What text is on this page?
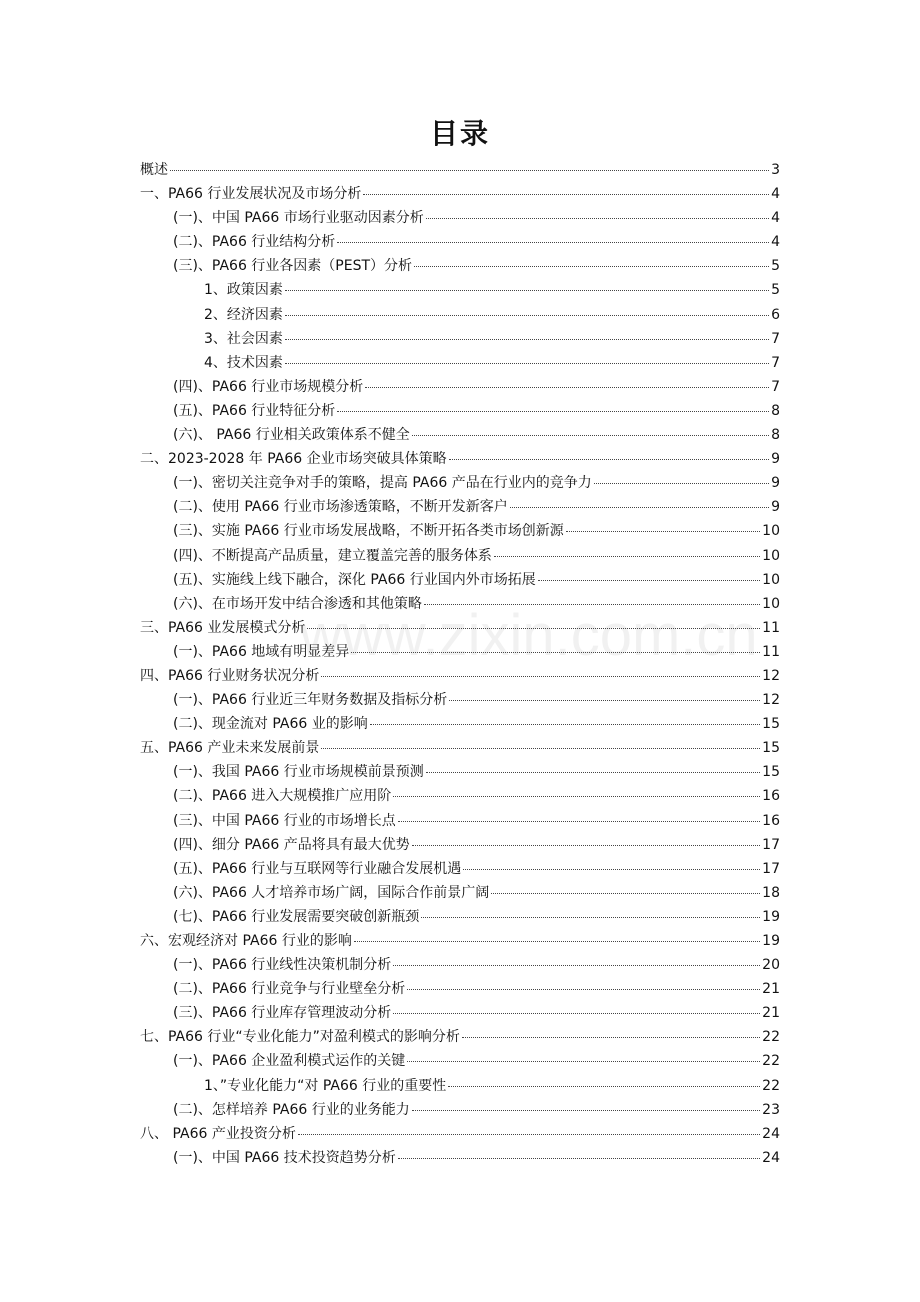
目录
概述	3
一、PA66 行业发展状况及市场分析	4
(一)、中国 PA66 市场行业驱动因素分析	4
(二)、PA66 行业结构分析	4
(三)、PA66 行业各因素（PEST）分析	5
1、政策因素	5
2、经济因素	6
3、社会因素	7
4、技术因素	7
(四)、PA66 行业市场规模分析	7
(五)、PA66 行业特征分析	8
(六)、 PA66 行业相关政策体系不健全	8
二、2023-2028 年 PA66 企业市场突破具体策略	9
(一)、密切关注竞争对手的策略，提高 PA66 产品在行业内的竞争力	9
(二)、使用 PA66 行业市场渗透策略，不断开发新客户	9
(三)、实施 PA66 行业市场发展战略，不断开拓各类市场创新源	10
(四)、不断提高产品质量，建立覆盖完善的服务体系	10
(五)、实施线上线下融合，深化 PA66 行业国内外市场拓展	10
(六)、在市场开发中结合渗透和其他策略	10
三、PA66 业发展模式分析	11
(一)、PA66 地域有明显差异	11
四、PA66 行业财务状况分析	12
(一)、PA66 行业近三年财务数据及指标分析	12
(二)、现金流对 PA66 业的影响	15
五、PA66 产业未来发展前景	15
(一)、我国 PA66 行业市场规模前景预测	15
(二)、PA66 进入大规模推广应用阶	16
(三)、中国 PA66 行业的市场增长点	16
(四)、细分 PA66 产品将具有最大优势	17
(五)、PA66 行业与互联网等行业融合发展机遇	17
(六)、PA66 人才培养市场广阔，国际合作前景广阔	18
(七)、PA66 行业发展需要突破创新瓶颈	19
六、宏观经济对 PA66 行业的影响	19
(一)、PA66 行业线性决策机制分析	20
(二)、PA66 行业竞争与行业壁垒分析	21
(三)、PA66 行业库存管理波动分析	21
七、PA66 行业“专业化能力”对盈利模式的影响分析	22
(一)、PA66 企业盈利模式运作的关键	22
1、”专业化能力“对 PA66 行业的重要性	22
(二)、怎样培养 PA66 行业的业务能力	23
八、 PA66 产业投资分析	24
(一)、中国 PA66 技术投资趋势分析	24
www.zixin.com.cn
